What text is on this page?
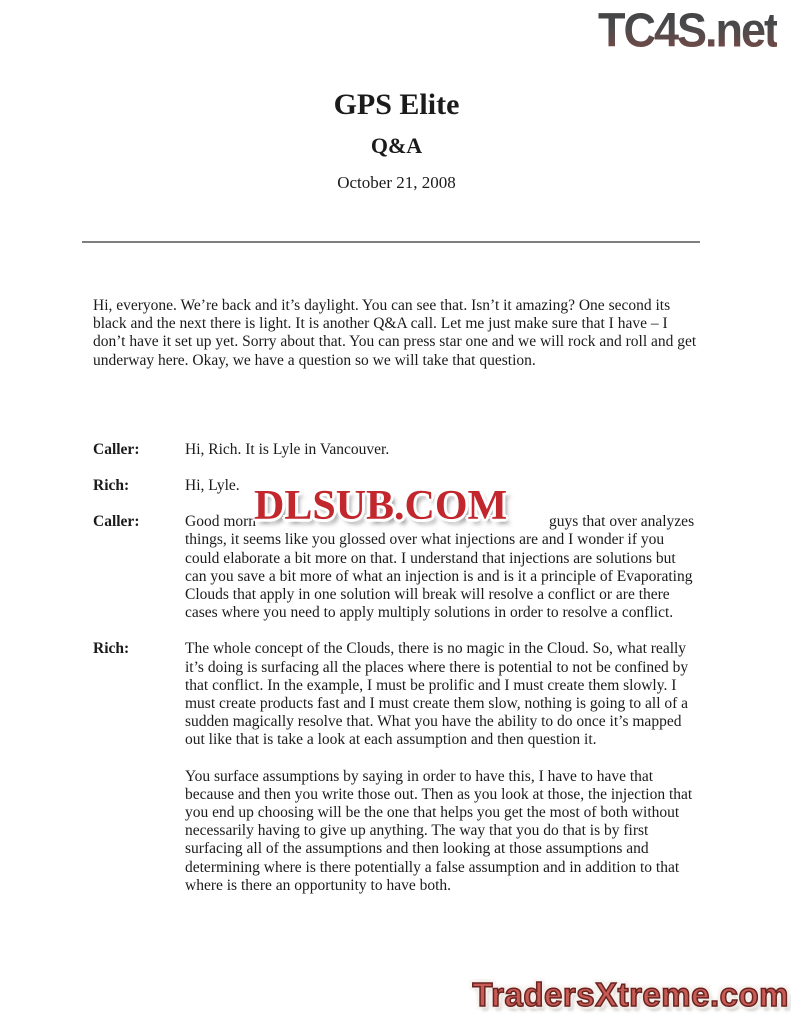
TC4S.net
GPS Elite
Q&A
October 21, 2008

Hi, everyone. We’re back and it’s daylight. You can see that. Isn’t it amazing? One second its black and the next there is light. It is another Q&A call. Let me just make sure that I have – I don’t have it set up yet. Sorry about that. You can press star one and we will rock and roll and get underway here. Okay, we have a question so we will take that question.

Caller:	Hi, Rich. It is Lyle in Vancouver.
Rich:	Hi, Lyle.
Caller:	Good morn	guys that over analyzes things, it seems like you glossed over what injections are and I wonder if you could elaborate a bit more on that. I understand that injections are solutions but can you save a bit more of what an injection is and is it a principle of Evaporating Clouds that apply in one solution will break will resolve a conflict or are there cases where you need to apply multiply solutions in order to resolve a conflict.
Rich:	The whole concept of the Clouds, there is no magic in the Cloud. So, what really it’s doing is surfacing all the places where there is potential to not be confined by that conflict. In the example, I must be prolific and I must create them slowly. I must create products fast and I must create them slow, nothing is going to all of a sudden magically resolve that. What you have the ability to do once it’s mapped out like that is take a look at each assumption and then question it.

You surface assumptions by saying in order to have this, I have to have that because and then you write those out. Then as you look at those, the injection that you end up choosing will be the one that helps you get the most of both without necessarily having to give up anything. The way that you do that is by first surfacing all of the assumptions and then looking at those assumptions and determining where is there potentially a false assumption and in addition to that where is there an opportunity to have both.

DLSUB.COM
TradersXtreme.com
